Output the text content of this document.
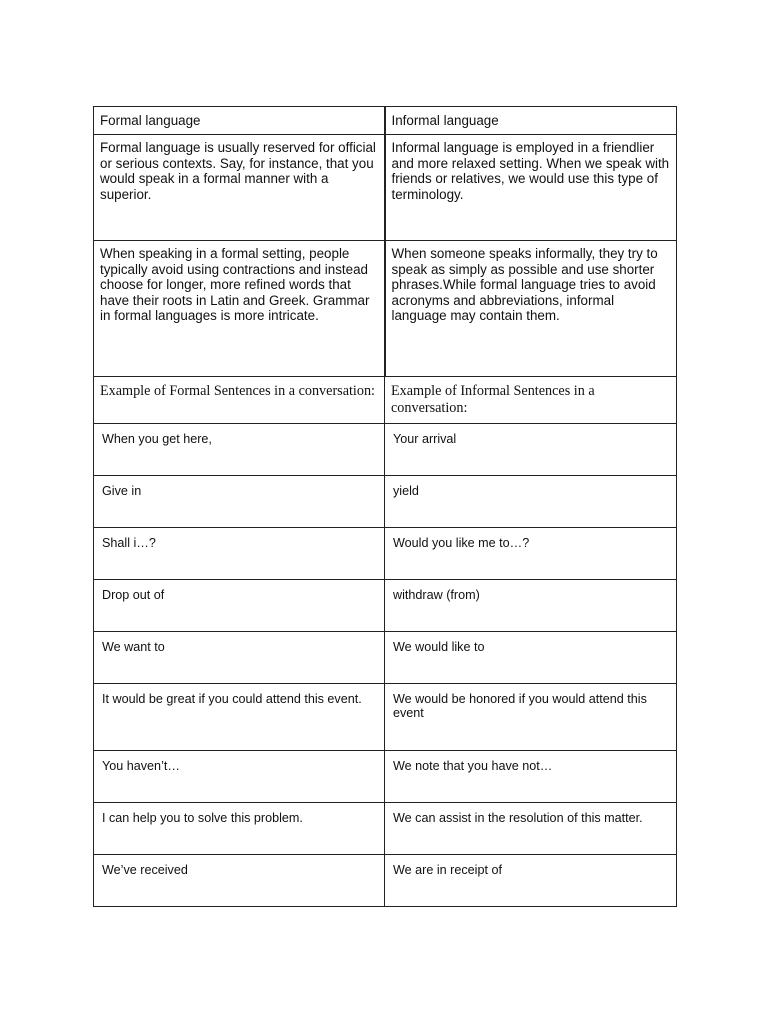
Formal language	Informal language

Formal language is usually reserved for official or serious contexts. Say, for instance, that you would speak in a formal manner with a superior.	Informal language is employed in a friendlier and more relaxed setting. When we speak with friends or relatives, we would use this type of terminology.

When speaking in a formal setting, people typically avoid using contractions and instead choose for longer, more refined words that have their roots in Latin and Greek. Grammar in formal languages is more intricate.	When someone speaks informally, they try to speak as simply as possible and use shorter phrases.While formal language tries to avoid acronyms and abbreviations, informal language may contain them.

Example of Formal Sentences in a conversation:	Example of Informal Sentences in a conversation:

When you get here,	Your arrival

Give in	yield

Shall i…?	Would you like me to…?

Drop out of	withdraw (from)

We want to	We would like to

It would be great if you could attend this event.	We would be honored if you would attend this event

You haven’t…	We note that you have not…

I can help you to solve this problem.	We can assist in the resolution of this matter.

We’ve received	We are in receipt of
